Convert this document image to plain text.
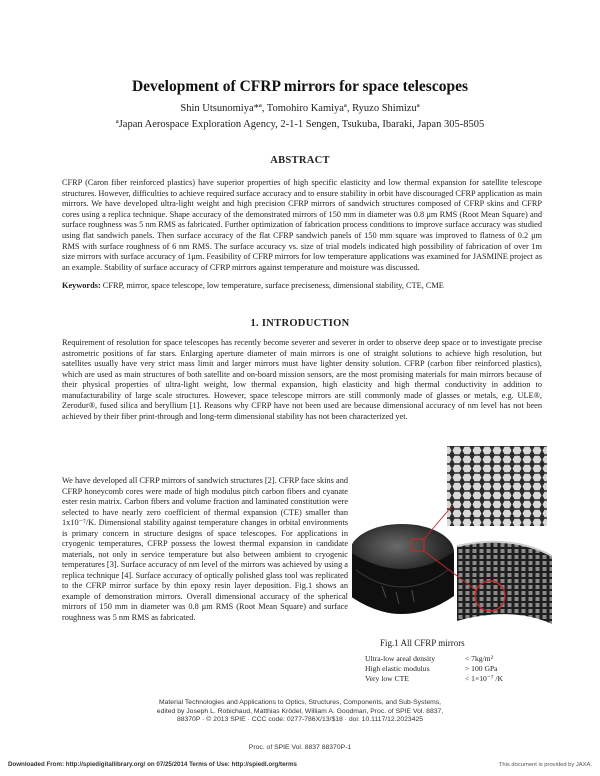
Development of CFRP mirrors for space telescopes
Shin Utsunomiya*ª, Tomohiro Kamiyaª, Ryuzo Shimizuª
ªJapan Aerospace Exploration Agency, 2-1-1 Sengen, Tsukuba, Ibaraki, Japan 305-8505
ABSTRACT

CFRP (Caron fiber reinforced plastics) have superior properties of high specific elasticity and low thermal expansion for satellite telescope structures. However, difficulties to achieve required surface accuracy and to ensure stability in orbit have discouraged CFRP application as main mirrors. We have developed ultra-light weight and high precision CFRP mirrors of sandwich structures composed of CFRP skins and CFRP cores using a replica technique. Shape accuracy of the demonstrated mirrors of 150 mm in diameter was 0.8 μm RMS (Root Mean Square) and surface roughness was 5 nm RMS as fabricated. Further optimization of fabrication process conditions to improve surface accuracy was studied using flat sandwich panels. Then surface accuracy of the flat CFRP sandwich panels of 150 mm square was improved to flatness of 0.2 μm RMS with surface roughness of 6 nm RMS. The surface accuracy vs. size of trial models indicated high possibility of fabrication of over 1m size mirrors with surface accuracy of 1μm. Feasibility of CFRP mirrors for low temperature applications was examined for JASMINE project as an example. Stability of surface accuracy of CFRP mirrors against temperature and moisture was discussed.

Keywords: CFRP, mirror, space telescope, low temperature, surface preciseness, dimensional stability, CTE, CME
1. INTRODUCTION

Requirement of resolution for space telescopes has recently become severer and severer in order to observe deep space or to investigate precise astrometric positions of far stars. Enlarging aperture diameter of main mirrors is one of straight solutions to achieve high resolution, but satellites usually have very strict mass limit and larger mirrors must have lighter density solution. CFRP (carbon fiber reinforced plastics), which are used as main structures of both satellite and on-board mission sensors, are the most promising materials for main mirrors because of their physical properties of ultra-light weight, low thermal expansion, high elasticity and high thermal conductivity in addition to manufacturability of large scale structures. However, space telescope mirrors are still commonly made of glasses or metals, e.g. ULE®, Zerodur®, fused silica and beryllium [1]. Reasons why CFRP have not been used are because dimensional accuracy of nm level has not been achieved by their fiber print-through and long-term dimensional stability has not been characterized yet.

We have developed all CFRP mirrors of sandwich structures [2]. CFRP face skins and CFRP honeycomb cores were made of high modulus pitch carbon fibers and cyanate ester resin matrix. Carbon fibers and volume fraction and laminated constitution were selected to have nearly zero coefficient of thermal expansion (CTE) smaller than 1x10⁻⁷/K. Dimensional stability against temperature changes in orbital environments is primary concern in structure designs of space telescopes. For applications in cryogenic temperatures, CFRP possess the lowest thermal expansion in candidate materials, not only in service temperature but also between ambient to cryogenic temperatures [3]. Surface accuracy of nm level of the mirrors was achieved by using a replica technique [4]. Surface accuracy of optically polished glass tool was replicated to the CFRP mirror surface by thin epoxy resin layer deposition. Fig.1 shows an example of demonstration mirrors. Overall dimensional accuracy of the spherical mirrors of 150 mm in diameter was 0.8 μm RMS (Root Mean Square) and surface roughness was 5 nm RMS as fabricated.

Fig.1 All CFRP mirrors
Ultra-low areal density	< 7kg/m²
High elastic modulus	> 100 GPa
Very low CTE	< 1×10⁻⁷ /K
Material Technologies and Applications to Optics, Structures, Components, and Sub-Systems,
edited by Joseph L. Robichaud, Matthias Krödel, William A. Goodman, Proc. of SPIE Vol. 8837,
88370P · © 2013 SPIE · CCC code: 0277-786X/13/$18 · doi: 10.1117/12.2023425
Proc. of SPIE Vol. 8837 88370P-1
Downloaded From: http://spiedigitallibrary.org/ on 07/25/2014 Terms of Use: http://spiedl.org/terms	This document is provided by JAXA.
